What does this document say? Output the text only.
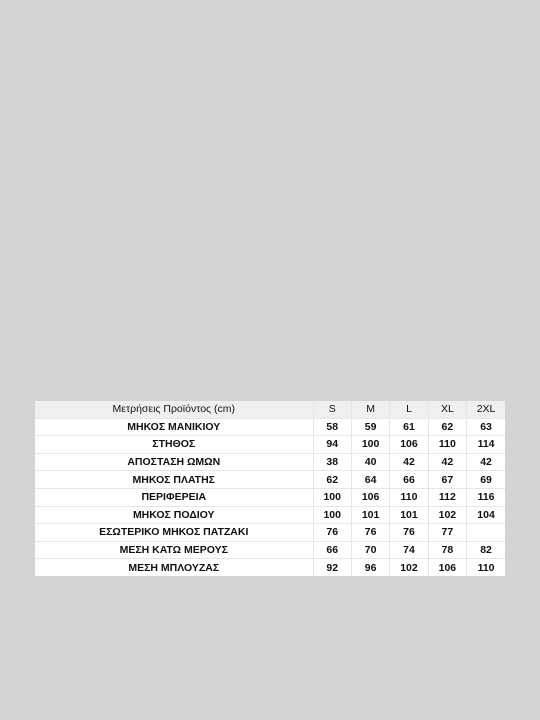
Μετρήσεις Προϊόντος (cm)	S	M	L	XL	2XL
ΜΗΚΟΣ ΜΑΝΙΚΙΟΥ	58	59	61	62	63
ΣΤΗΘΟΣ	94	100	106	110	114
ΑΠΟΣΤΑΣΗ ΩΜΩΝ	38	40	42	42	42
ΜΗΚΟΣ ΠΛΑΤΗΣ	62	64	66	67	69
ΠΕΡΙΦΕΡΕΙΑ	100	106	110	112	116
ΜΗΚΟΣ ΠΟΔΙΟΥ	100	101	101	102	104
ΕΣΩΤΕΡΙΚΟ ΜΗΚΟΣ ΠΑΤΖΑΚΙ	76	76	76	77	
ΜΕΣΗ ΚΑΤΩ ΜΕΡΟΥΣ	66	70	74	78	82
ΜΕΣΗ ΜΠΛΟΥΖΑΣ	92	96	102	106	110
